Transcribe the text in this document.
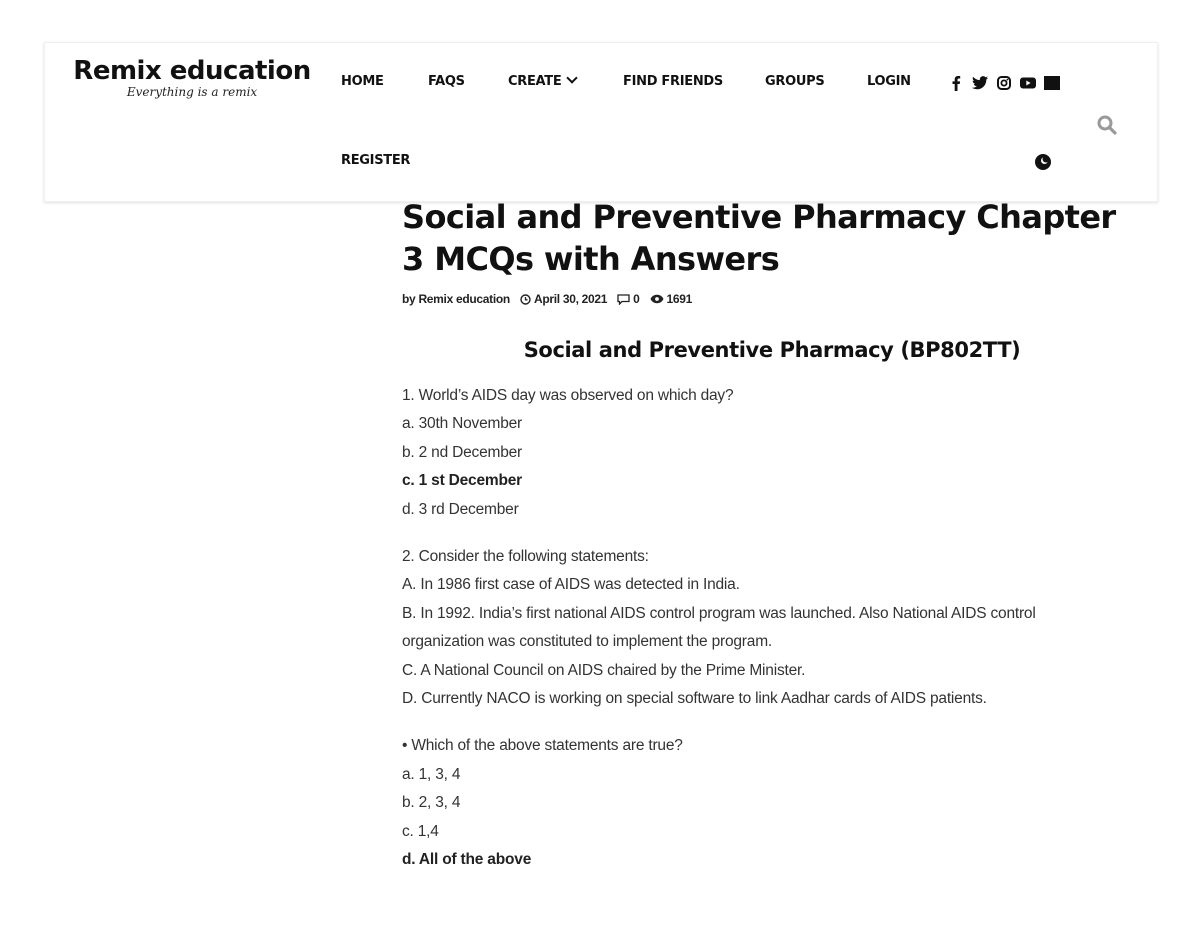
Remix education
Everything is a remix
HOME	FAQS	CREATE	FIND FRIENDS	GROUPS	LOGIN
REGISTER
Social and Preventive Pharmacy Chapter 3 MCQs with Answers
by Remix education April 30, 2021 0 1691
Social and Preventive Pharmacy (BP802TT)
1. World’s AIDS day was observed on which day?
a. 30th November
b. 2 nd December
c. 1 st December
d. 3 rd December
2. Consider the following statements:
A. In 1986 first case of AIDS was detected in India.
B. In 1992. India’s first national AIDS control program was launched. Also National AIDS control
organization was constituted to implement the program.
C. A National Council on AIDS chaired by the Prime Minister.
D. Currently NACO is working on special software to link Aadhar cards of AIDS patients.
• Which of the above statements are true?
a. 1, 3, 4
b. 2, 3, 4
c. 1,4
d. All of the above
